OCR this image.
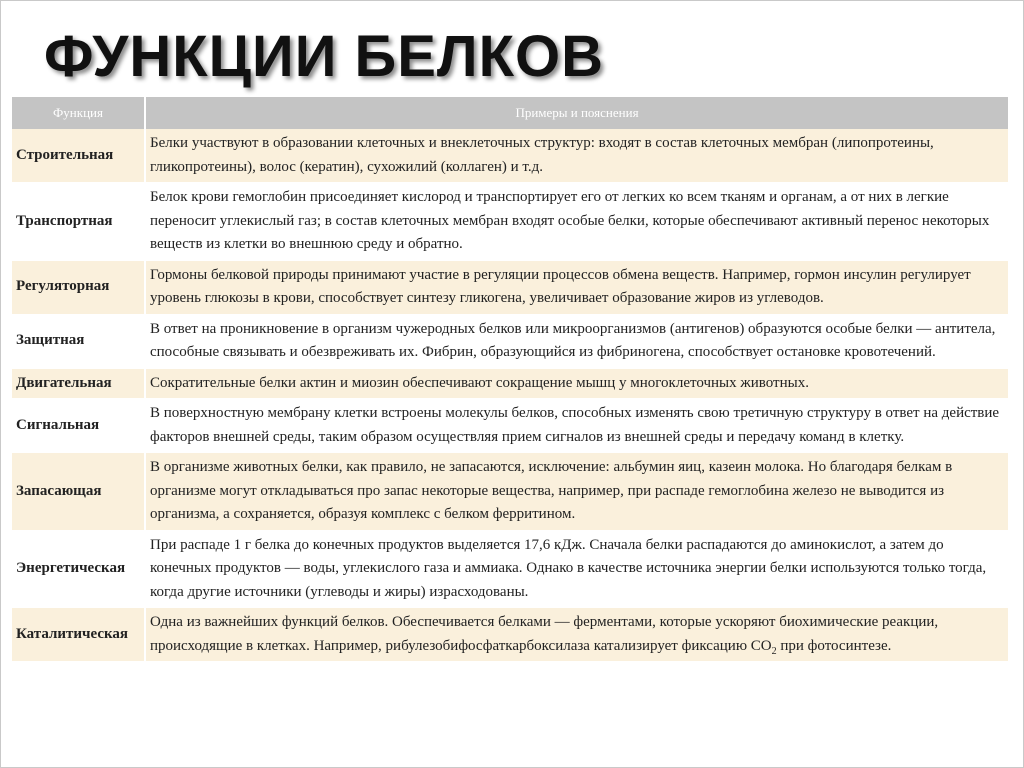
ФУНКЦИИ БЕЛКОВ
Функция	Примеры и пояснения
Строительная	Белки участвуют в образовании клеточных и внеклеточных структур: входят в состав клеточных мембран (липопротеины, гликопротеины), волос (кератин), сухожилий (коллаген) и т.д.
Транспортная	Белок крови гемоглобин присоединяет кислород и транспортирует его от легких ко всем тканям и органам, а от них в легкие переносит углекислый газ; в состав клеточных мембран входят особые белки, которые обеспечивают активный перенос некоторых веществ из клетки во внешнюю среду и обратно.
Регуляторная	Гормоны белковой природы принимают участие в регуляции процессов обмена веществ. Например, гормон инсулин регулирует уровень глюкозы в крови, способствует синтезу гликогена, увеличивает образование жиров из углеводов.
Защитная	В ответ на проникновение в организм чужеродных белков или микроорганизмов (антигенов) образуются особые белки — антитела, способные связывать и обезвреживать их. Фибрин, образующийся из фибриногена, способствует остановке кровотечений.
Двигательная	Сократительные белки актин и миозин обеспечивают сокращение мышц у многоклеточных животных.
Сигнальная	В поверхностную мембрану клетки встроены молекулы белков, способных изменять свою третичную структуру в ответ на действие факторов внешней среды, таким образом осуществляя прием сигналов из внешней среды и передачу команд в клетку.
Запасающая	В организме животных белки, как правило, не запасаются, исключение: альбумин яиц, казеин молока. Но благодаря белкам в организме могут откладываться про запас некоторые вещества, например, при распаде гемоглобина железо не выводится из организма, а сохраняется, образуя комплекс с белком ферритином.
Энергетическая	При распаде 1 г белка до конечных продуктов выделяется 17,6 кДж. Сначала белки распадаются до аминокислот, а затем до конечных продуктов — воды, углекислого газа и аммиака. Однако в качестве источника энергии белки используются только тогда, когда другие источники (углеводы и жиры) израсходованы.
Каталитическая	Одна из важнейших функций белков. Обеспечивается белками — ферментами, которые ускоряют биохимические реакции, происходящие в клетках. Например, рибулезобифосфаткарбоксилаза катализирует фиксацию $CO_2$ при фотосинтезе.
